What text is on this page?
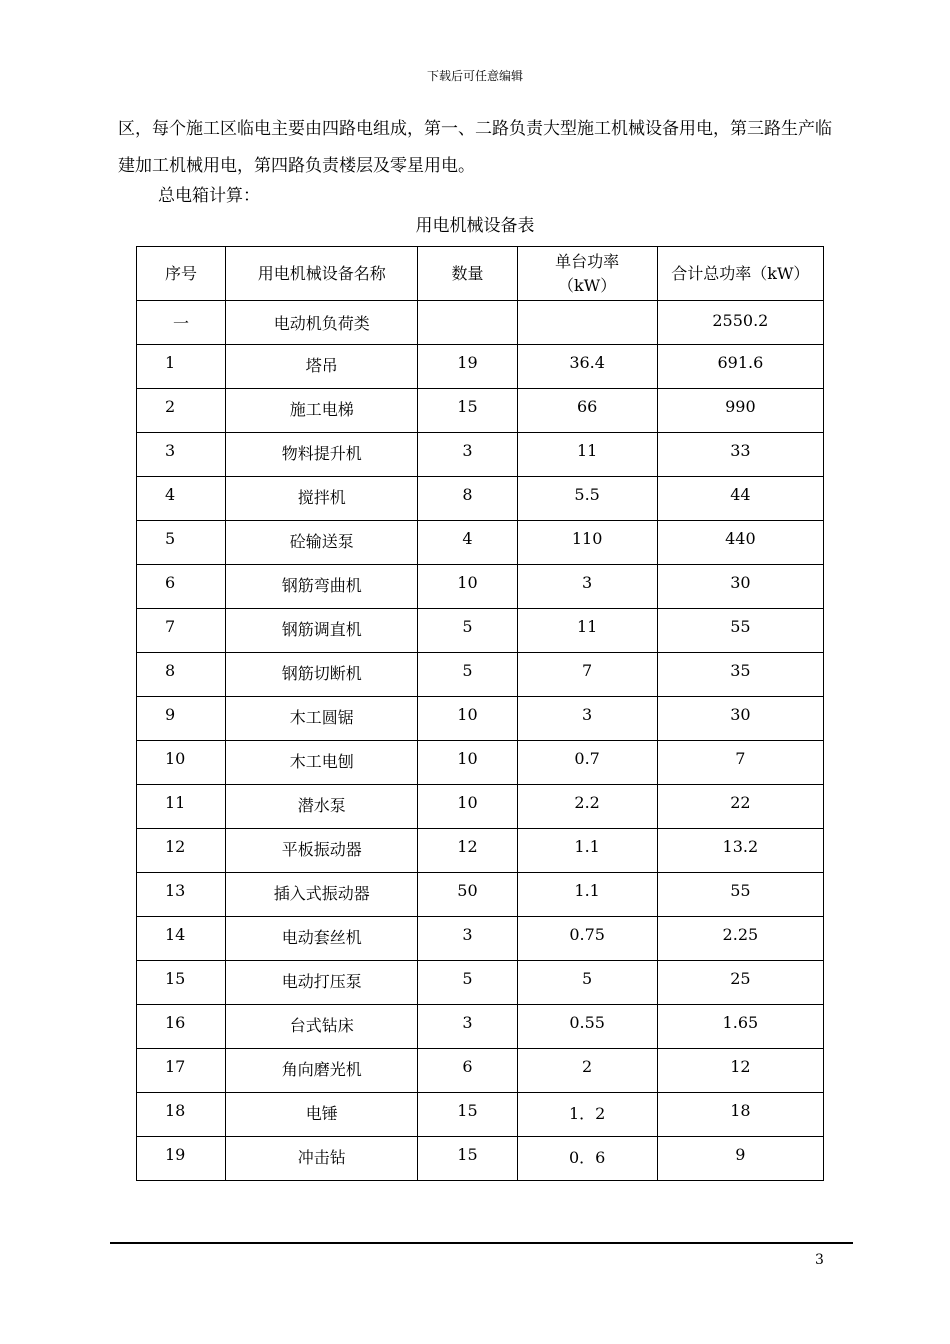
下载后可任意编辑
区，每个施工区临电主要由四路电组成，第一、二路负责大型施工机械设备用电，第三路生产临建加工机械用电，第四路负责楼层及零星用电。
总电箱计算：
用电机械设备表
序号	用电机械设备名称	数量	单台功率（kW）	合计总功率（kW）
一	电动机负荷类			2550.2
1	塔吊	19	36.4	691.6
2	施工电梯	15	66	990
3	物料提升机	3	11	33
4	搅拌机	8	5.5	44
5	砼输送泵	4	110	440
6	钢筋弯曲机	10	3	30
7	钢筋调直机	5	11	55
8	钢筋切断机	5	7	35
9	木工圆锯	10	3	30
10	木工电刨	10	0.7	7
11	潜水泵	10	2.2	22
12	平板振动器	12	1.1	13.2
13	插入式振动器	50	1.1	55
14	电动套丝机	3	0.75	2.25
15	电动打压泵	5	5	25
16	台式钻床	3	0.55	1.65
17	角向磨光机	6	2	12
18	电锤	15	1．2	18
19	冲击钻	15	0．6	9
3
